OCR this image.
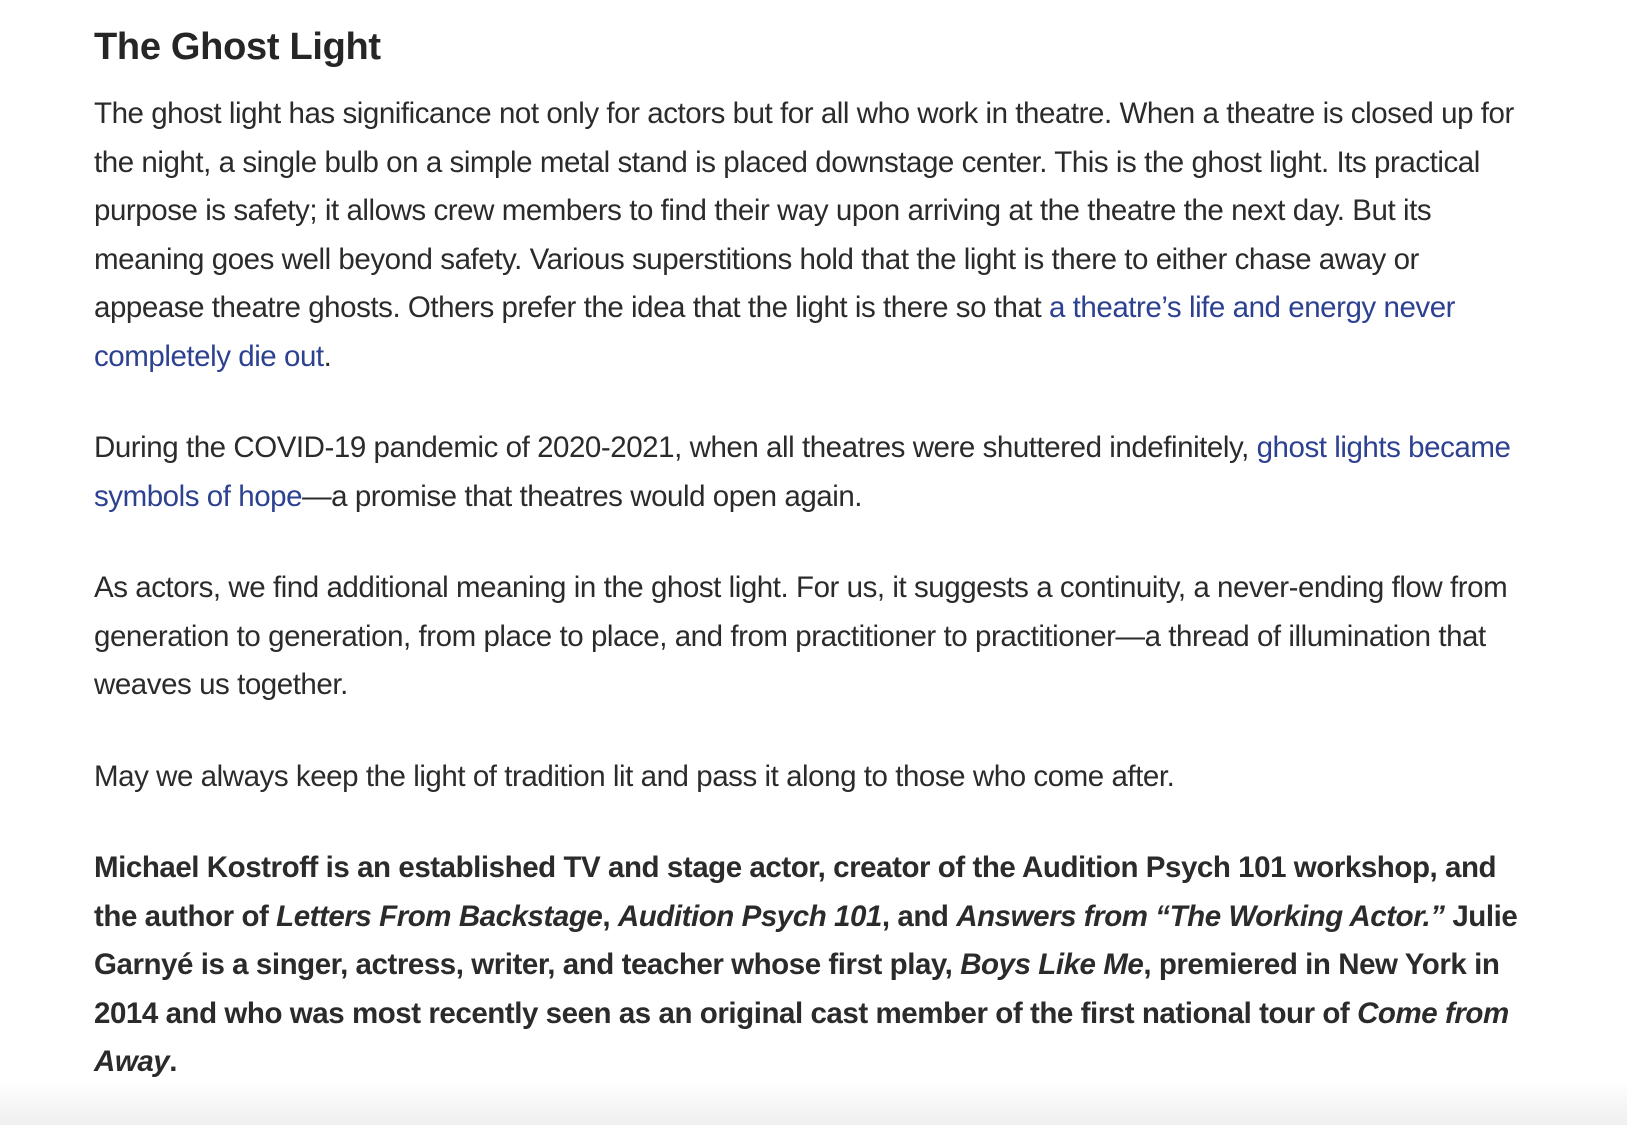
The Ghost Light

The ghost light has significance not only for actors but for all who work in theatre. When a theatre is closed up for the night, a single bulb on a simple metal stand is placed downstage center. This is the ghost light. Its practical purpose is safety; it allows crew members to find their way upon arriving at the theatre the next day. But its meaning goes well beyond safety. Various superstitions hold that the light is there to either chase away or appease theatre ghosts. Others prefer the idea that the light is there so that a theatre’s life and energy never completely die out.

During the COVID-19 pandemic of 2020-2021, when all theatres were shuttered indefinitely, ghost lights became symbols of hope—a promise that theatres would open again.

As actors, we find additional meaning in the ghost light. For us, it suggests a continuity, a never-ending flow from generation to generation, from place to place, and from practitioner to practitioner—a thread of illumination that weaves us together.

May we always keep the light of tradition lit and pass it along to those who come after.

Michael Kostroff is an established TV and stage actor, creator of the Audition Psych 101 workshop, and the author of Letters From Backstage, Audition Psych 101, and Answers from “The Working Actor.” Julie Garnyé is a singer, actress, writer, and teacher whose first play, Boys Like Me, premiered in New York in 2014 and who was most recently seen as an original cast member of the first national tour of Come from Away.
